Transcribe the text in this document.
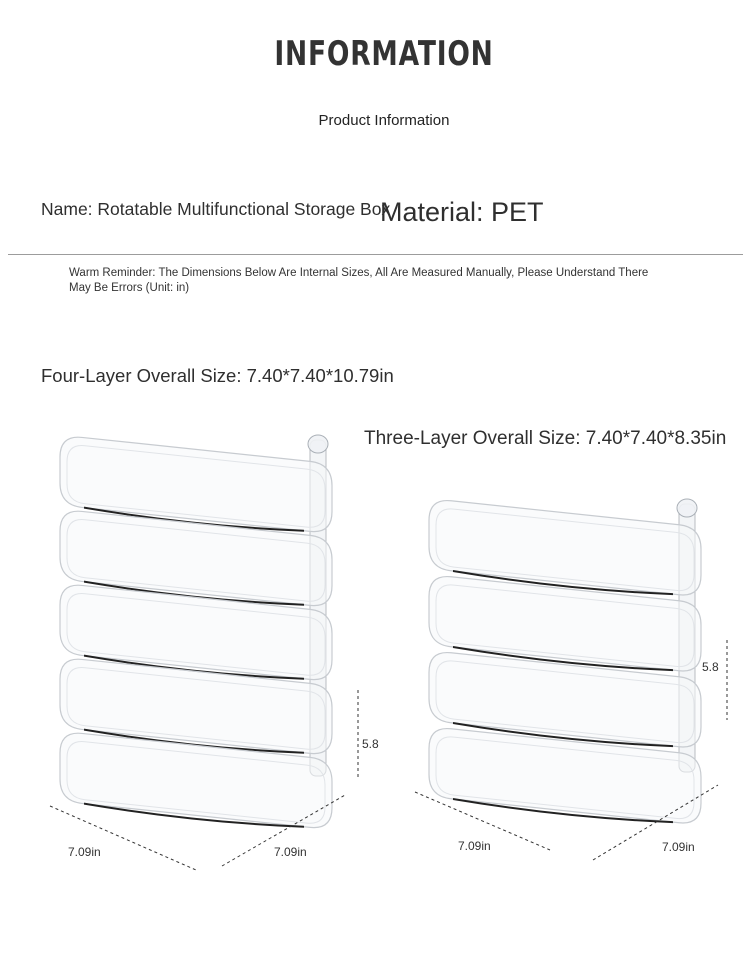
INFORMATION
Product Information
Name: Rotatable Multifunctional Storage Box
Material: PET
Warm Reminder: The Dimensions Below Are Internal Sizes, All Are Measured Manually, Please Understand There May Be Errors (Unit: in)
Four-Layer Overall Size: 7.40*7.40*10.79in
Three-Layer Overall Size: 7.40*7.40*8.35in
7.09in	7.09in
5.8
7.09in	7.09in
5.8
